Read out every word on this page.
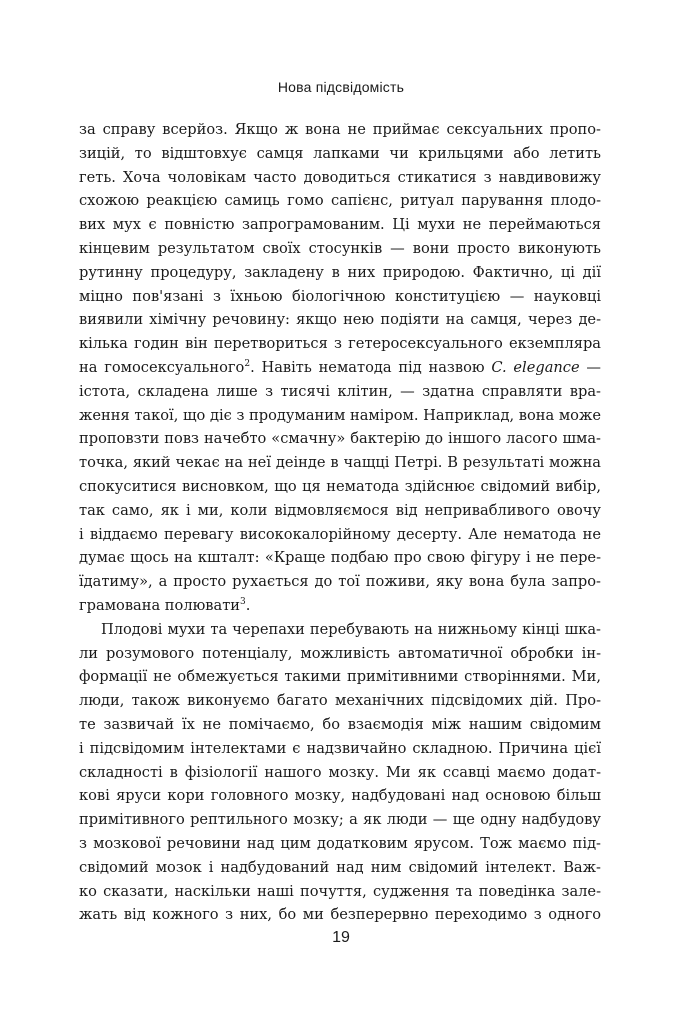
Нова підсвідомість
за справу всерйоз. Якщо ж вона не приймає сексуальних пропо-
зицій, то відштовхує самця лапками чи крильцями або летить
геть. Хоча чоловікам часто доводиться стикатися з навдивовижу
схожою реакцією самиць гомо сапієнс, ритуал парування плодо-
вих мух є повністю запрограмованим. Ці мухи не переймаються
кінцевим результатом своїх стосунків — вони просто виконують
рутинну процедуру, закладену в них природою. Фактично, ці дії
міцно пов'язані з їхньою біологічною конституцією — науковці
виявили хімічну речовину: якщо нею подіяти на самця, через де-
кілька годин він перетвориться з гетеросексуального екземпляра
на гомосексуального$^2$. Навіть нематода під назвою C. elegance —
істота, складена лише з тисячі клітин, — здатна справляти вра-
ження такої, що діє з продуманим наміром. Наприклад, вона може
проповзти повз начебто «смачну» бактерію до іншого ласого шма-
точка, який чекає на неї деінде в чащці Петрі. В результаті можна
спокуситися висновком, що ця нематода здійснює свідомий вибір,
так само, як і ми, коли відмовляємося від непривабливого овочу
і віддаємо перевагу висококалорійному десерту. Але нематода не
думає щось на кшталт: «Краще подбаю про свою фігуру і не пере-
їдатиму», а просто рухається до тої поживи, яку вона була запро-
грамована полювати$^3$.
Плодові мухи та черепахи перебувають на нижньому кінці шка-
ли розумового потенціалу, можливість автоматичної обробки ін-
формації не обмежується такими примітивними створіннями. Ми,
люди, також виконуємо багато механічних підсвідомих дій. Про-
те зазвичай їх не помічаємо, бо взаємодія між нашим свідомим
і підсвідомим інтелектами є надзвичайно складною. Причина цієї
складності в фізіології нашого мозку. Ми як ссавці маємо додат-
кові яруси кори головного мозку, надбудовані над основою більш
примітивного рептильного мозку; а як люди — ще одну надбудову
з мозкової речовини над цим додатковим ярусом. Тож маємо під-
свідомий мозок і надбудований над ним свідомий інтелект. Важ-
ко сказати, наскільки наші почуття, судження та поведінка зале-
жать від кожного з них, бо ми безперервно переходимо з одного
19
